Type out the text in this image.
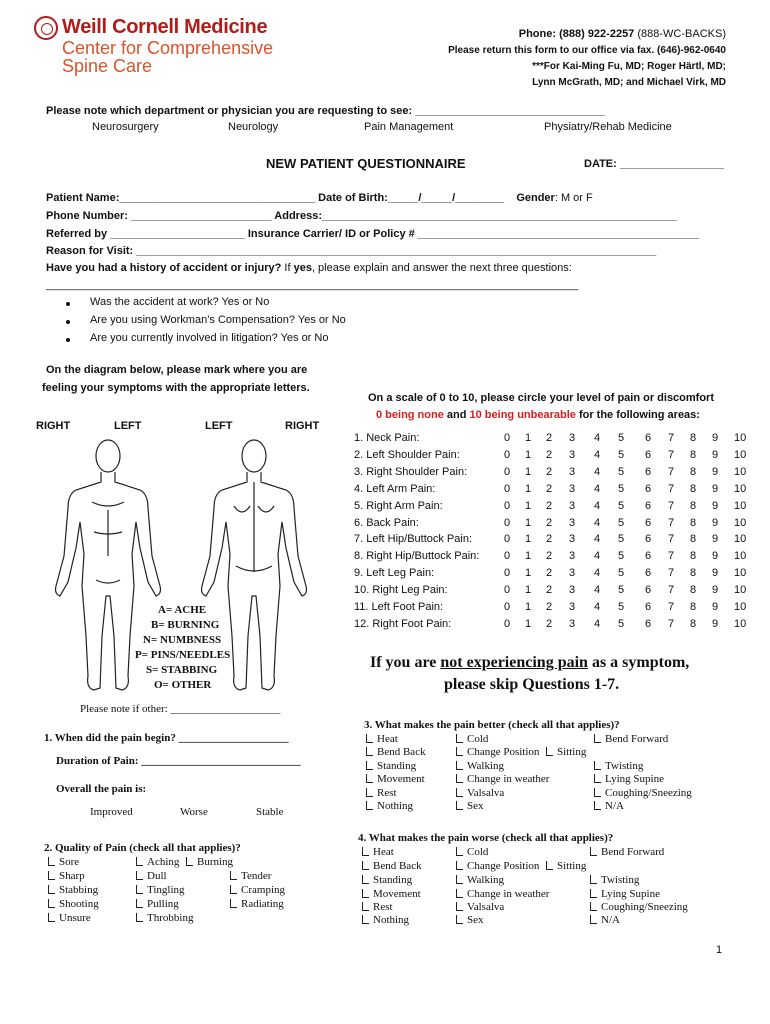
Weill Cornell Medicine
Center for Comprehensive
Spine Care
Phone: (888) 922-2257 (888-WC-BACKS)
Please return this form to our office via fax. (646)-962-0640
***For Kai-Ming Fu, MD; Roger Härtl, MD;
Lynn McGrath, MD; and Michael Virk, MD
Please note which department or physician you are requesting to see: _______________________________
Neurosurgery	Neurology	Pain Management	Physiatry/Rehab Medicine
NEW PATIENT QUESTIONNAIRE	DATE: _________________
Patient Name:________________________________ Date of Birth:_____/_____/________ Gender: M or F
Phone Number: _______________________ Address:__________________________________________________________
Referred by ______________________ Insurance Carrier/ ID or Policy # ______________________________________________
Reason for Visit: _____________________________________________________________________________________
Have you had a history of accident or injury? If yes, please explain and answer the next three questions:
_______________________________________________________________________________________
Was the accident at work? Yes or No
Are you using Workman’s Compensation? Yes or No
Are you currently involved in litigation? Yes or No
On the diagram below, please mark where you are
feeling your symptoms with the appropriate letters.
RIGHT	LEFT	LEFT	RIGHT
A= ACHE
B= BURNING
N= NUMBNESS
P= PINS/NEEDLES
S= STABBING
O= OTHER
Please note if other: ____________________
On a scale of 0 to 10, please circle your level of pain or discomfort
0 being none and 10 being unbearable for the following areas:
1. Neck Pain:	0 1 2 3 4 5 6 7 8 9 10
2. Left Shoulder Pain:	0 1 2 3 4 5 6 7 8 9 10
3. Right Shoulder Pain:	0 1 2 3 4 5 6 7 8 9 10
4. Left Arm Pain:	0 1 2 3 4 5 6 7 8 9 10
5. Right Arm Pain:	0 1 2 3 4 5 6 7 8 9 10
6. Back Pain:	0 1 2 3 4 5 6 7 8 9 10
7. Left Hip/Buttock Pain:	0 1 2 3 4 5 6 7 8 9 10
8. Right Hip/Buttock Pain: 0 1 2 3 4 5 6 7 8 9 10
9. Left Leg Pain:	0 1 2 3 4 5 6 7 8 9 10
10. Right Leg Pain:	0 1 2 3 4 5 6 7 8 9 10
11. Left Foot Pain:	0 1 2 3 4 5 6 7 8 9 10
12. Right Foot Pain:	0 1 2 3 4 5 6 7 8 9 10
If you are not experiencing pain as a symptom,
please skip Questions 1-7.
1. When did the pain begin? ____________________
Duration of Pain: _____________________________
Overall the pain is:
Improved	Worse	Stable
2. Quality of Pain (check all that applies)?
Sore	Aching	Burning
Sharp	Dull	Tender
Stabbing	Tingling	Cramping
Shooting	Pulling	Radiating
Unsure	Throbbing
3. What makes the pain better (check all that applies)?
Heat	Cold	Bend Forward
Bend Back	Change Position	Sitting
Standing	Walking	Twisting
Movement	Change in weather	Lying Supine
Rest	Valsalva	Coughing/Sneezing
Nothing	Sex	N/A
4. What makes the pain worse (check all that applies)?
Heat	Cold	Bend Forward
Bend Back	Change Position	Sitting
Standing	Walking	Twisting
Movement	Change in weather	Lying Supine
Rest	Valsalva	Coughing/Sneezing
Nothing	Sex	N/A
1
